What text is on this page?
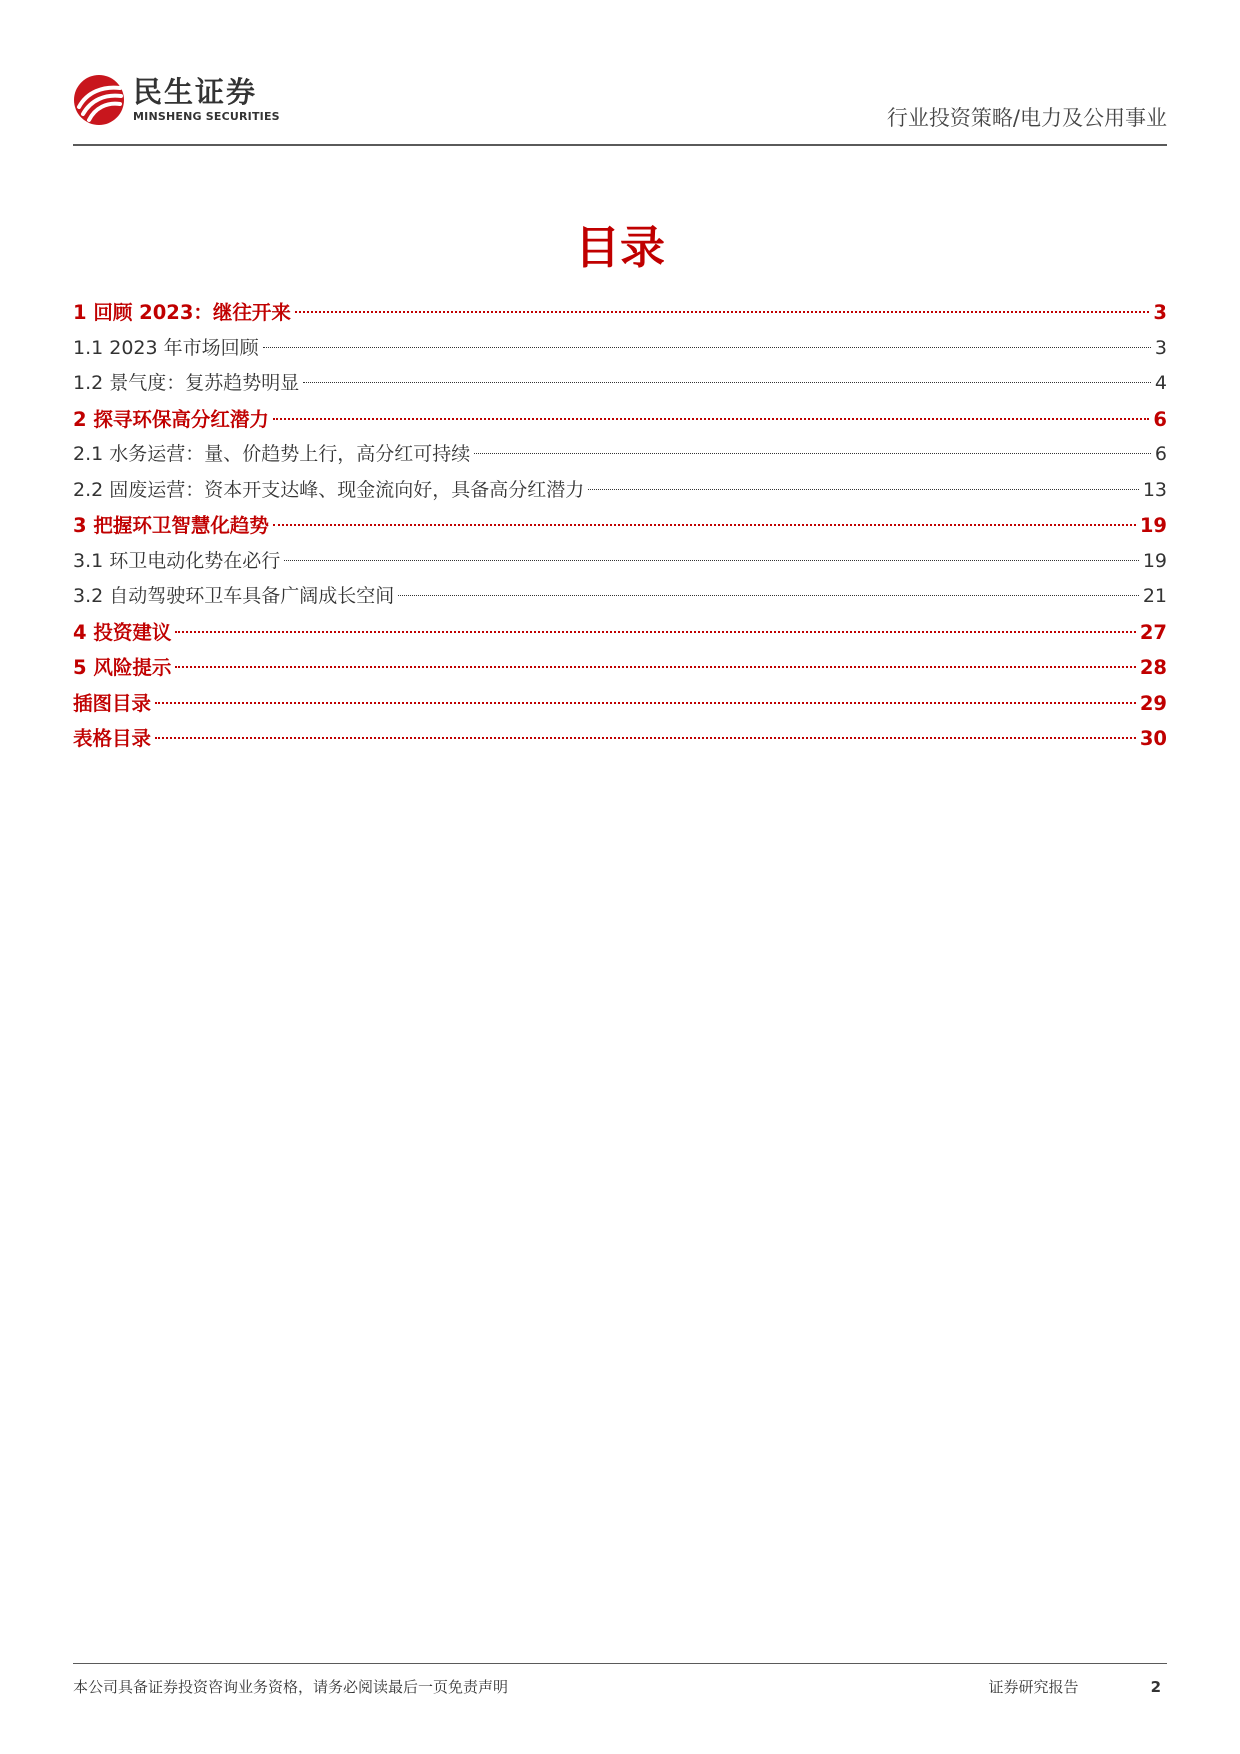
民生证券
MINSHENG SECURITIES	行业投资策略/电力及公用事业
目录
1 回顾 2023：继往开来	3
1.1 2023 年市场回顾	3
1.2 景气度：复苏趋势明显	4
2 探寻环保高分红潜力	6
2.1 水务运营：量、价趋势上行，高分红可持续	6
2.2 固废运营：资本开支达峰、现金流向好，具备高分红潜力	13
3 把握环卫智慧化趋势	19
3.1 环卫电动化势在必行	19
3.2 自动驾驶环卫车具备广阔成长空间	21
4 投资建议	27
5 风险提示	28
插图目录	29
表格目录	30
本公司具备证券投资咨询业务资格，请务必阅读最后一页免责声明	证券研究报告	2
